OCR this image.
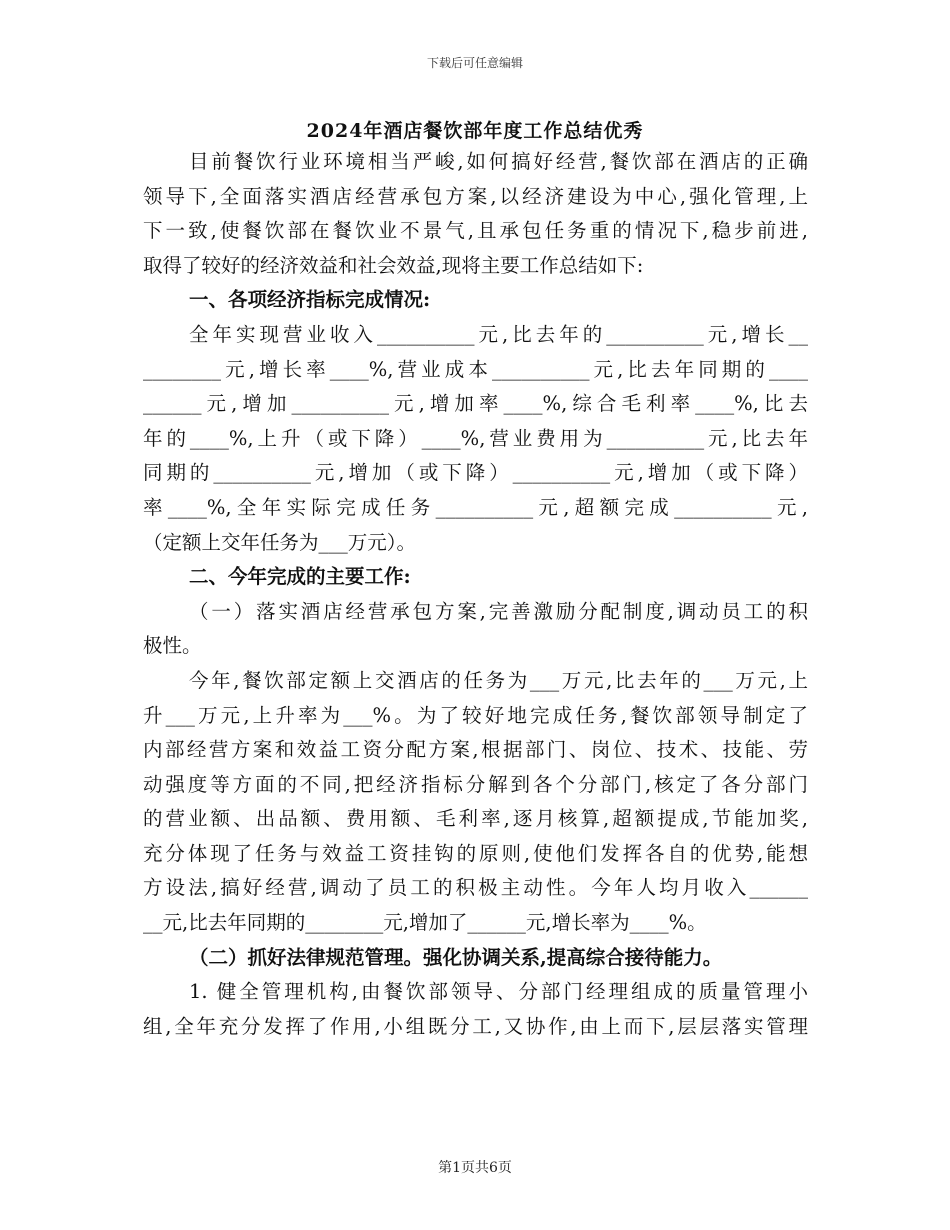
下载后可任意编辑
2024年酒店餐饮部年度工作总结优秀
目前餐饮行业环境相当严峻,如何搞好经营,餐饮部在酒店的正确
领导下,全面落实酒店经营承包方案,以经济建设为中心,强化管理,上
下一致,使餐饮部在餐饮业不景气,且承包任务重的情况下,稳步前进,
取得了较好的经济效益和社会效益,现将主要工作总结如下:
一、各项经济指标完成情况:
全年实现营业收入__________元,比去年的__________元,增长__
________元,增长率____%,营业成本__________元,比去年同期的____
______元,增加__________元,增加率____%,综合毛利率____%,比去
年的____%,上升（或下降）____%,营业费用为__________元,比去年
同期的__________元,增加（或下降）__________元,增加（或下降）
率____%,全年实际完成任务__________元,超额完成__________元,
（定额上交年任务为___万元）。
二、今年完成的主要工作:
（一）落实酒店经营承包方案,完善激励分配制度,调动员工的积
极性。
今年,餐饮部定额上交酒店的任务为___万元,比去年的___万元,上
升___万元,上升率为___%。为了较好地完成任务,餐饮部领导制定了
内部经营方案和效益工资分配方案,根据部门、岗位、技术、技能、劳
动强度等方面的不同,把经济指标分解到各个分部门,核定了各分部门
的营业额、出品额、费用额、毛利率,逐月核算,超额提成,节能加奖,
充分体现了任务与效益工资挂钩的原则,使他们发挥各自的优势,能想
方设法,搞好经营,调动了员工的积极主动性。今年人均月收入______
__元,比去年同期的________元,增加了______元,增长率为____%。
（二）抓好法律规范管理。强化协调关系,提高综合接待能力。
1. 健全管理机构,由餐饮部领导、分部门经理组成的质量管理小
组,全年充分发挥了作用,小组既分工,又协作,由上而下,层层落实管理
第1页共6页
